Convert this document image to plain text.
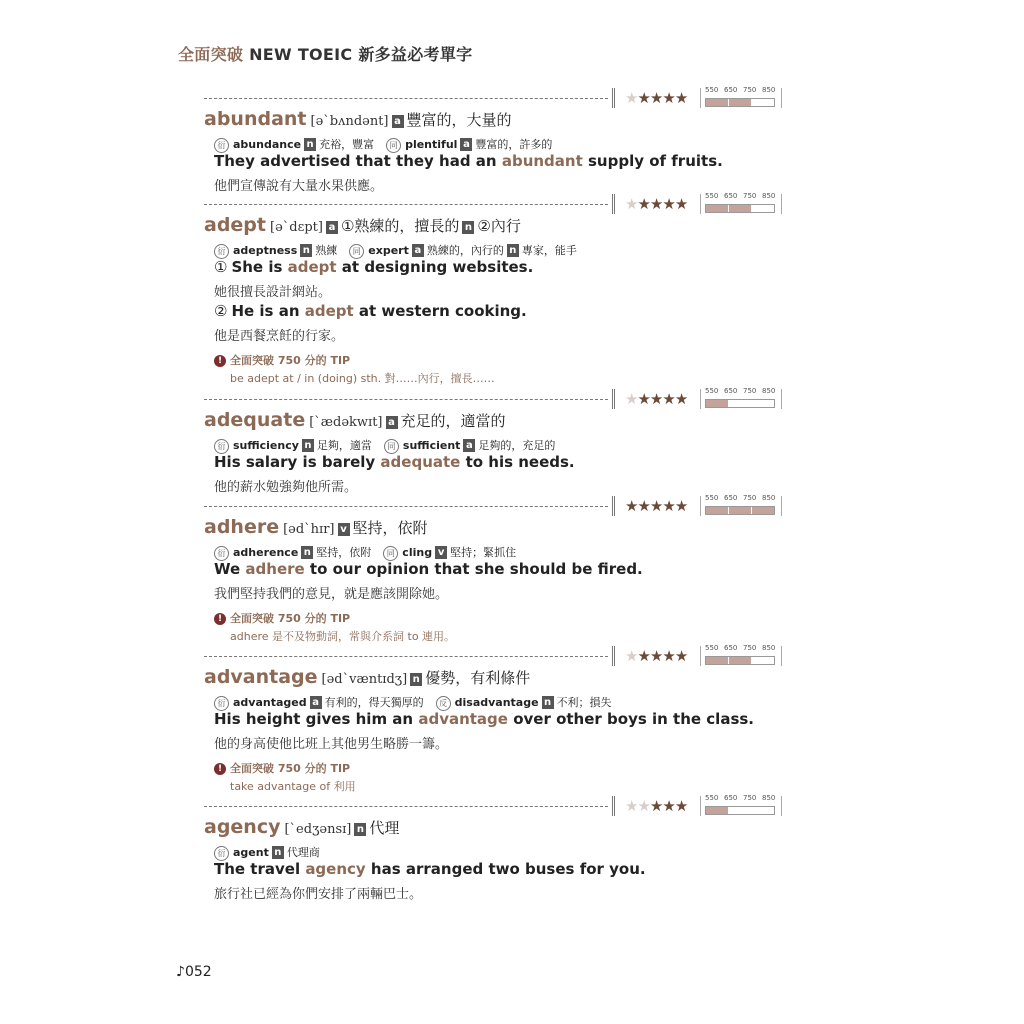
全面突破 NEW TOEIC 新多益必考單字
★★★★★	550 650 750 850
abundant [ə`bʌndənt] a 豐富的，大量的
衍 abundance n 充裕，豐富 同 plentiful a 豐富的，許多的
They advertised that they had an abundant supply of fruits.
他們宣傳說有大量水果供應。
★★★★★	550 650 750 850
adept [ə`dɛpt] a ①熟練的，擅長的 n ②內行
衍 adeptness n 熟練 同 expert a 熟練的，內行的 n 專家，能手
① She is adept at designing websites.
她很擅長設計網站。
② He is an adept at western cooking.
他是西餐烹飪的行家。
! 全面突破 750 分的 TIP
be adept at / in (doing) sth. 對……內行，擅長……
★★★★★	550 650 750 850
adequate [`ædəkwɪt] a 充足的，適當的
衍 sufficiency n 足夠，適當 同 sufficient a 足夠的，充足的
His salary is barely adequate to his needs.
他的薪水勉強夠他所需。
★★★★★	550 650 750 850
adhere [əd`hɪr] v 堅持，依附
衍 adherence n 堅持，依附 同 cling v 堅持；緊抓住
We adhere to our opinion that she should be fired.
我們堅持我們的意見，就是應該開除她。
! 全面突破 750 分的 TIP
adhere 是不及物動詞，常與介系詞 to 連用。
★★★★★	550 650 750 850
advantage [əd`væntɪdʒ] n 優勢，有利條件
衍 advantaged a 有利的，得天獨厚的 反 disadvantage n 不利；損失
His height gives him an advantage over other boys in the class.
他的身高使他比班上其他男生略勝一籌。
! 全面突破 750 分的 TIP
take advantage of 利用
★★★★★	550 650 750 850
agency [`edʒənsɪ] n 代理
衍 agent n 代理商
The travel agency has arranged two buses for you.
旅行社已經為你們安排了兩輛巴士。
♪052
